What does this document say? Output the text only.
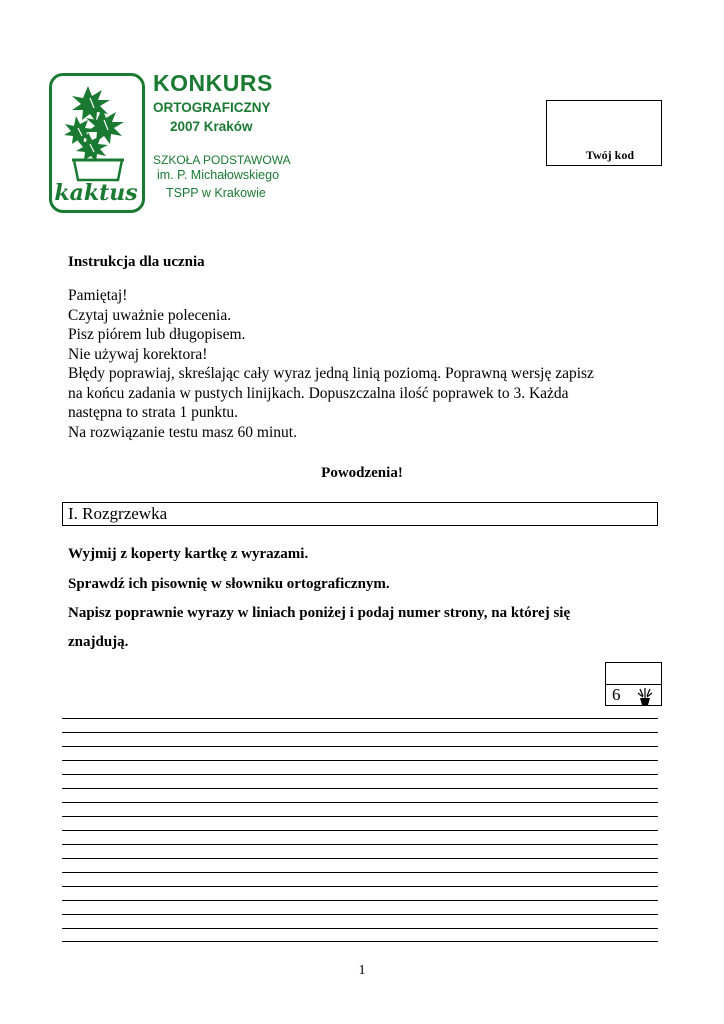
kaktus
KONKURS
ORTOGRAFICZNY
2007 Kraków
SZKOŁA PODSTAWOWA
im. P. Michałowskiego
TSPP w Krakowie
Twój kod
Instrukcja dla ucznia
Pamiętaj!
Czytaj uważnie polecenia.
Pisz piórem lub długopisem.
Nie używaj korektora!
Błędy poprawiaj, skreślając cały wyraz jedną linią poziomą. Poprawną wersję zapisz
na końcu zadania w pustych linijkach. Dopuszczalna ilość poprawek to 3. Każda
następna to strata 1 punktu.
Na rozwiązanie testu masz 60 minut.
Powodzenia!
I. Rozgrzewka
Wyjmij z koperty kartkę z wyrazami.
Sprawdź ich pisownię w słowniku ortograficznym.
Napisz poprawnie wyrazy w liniach poniżej i podaj numer strony, na której się
znajdują.
6
1
